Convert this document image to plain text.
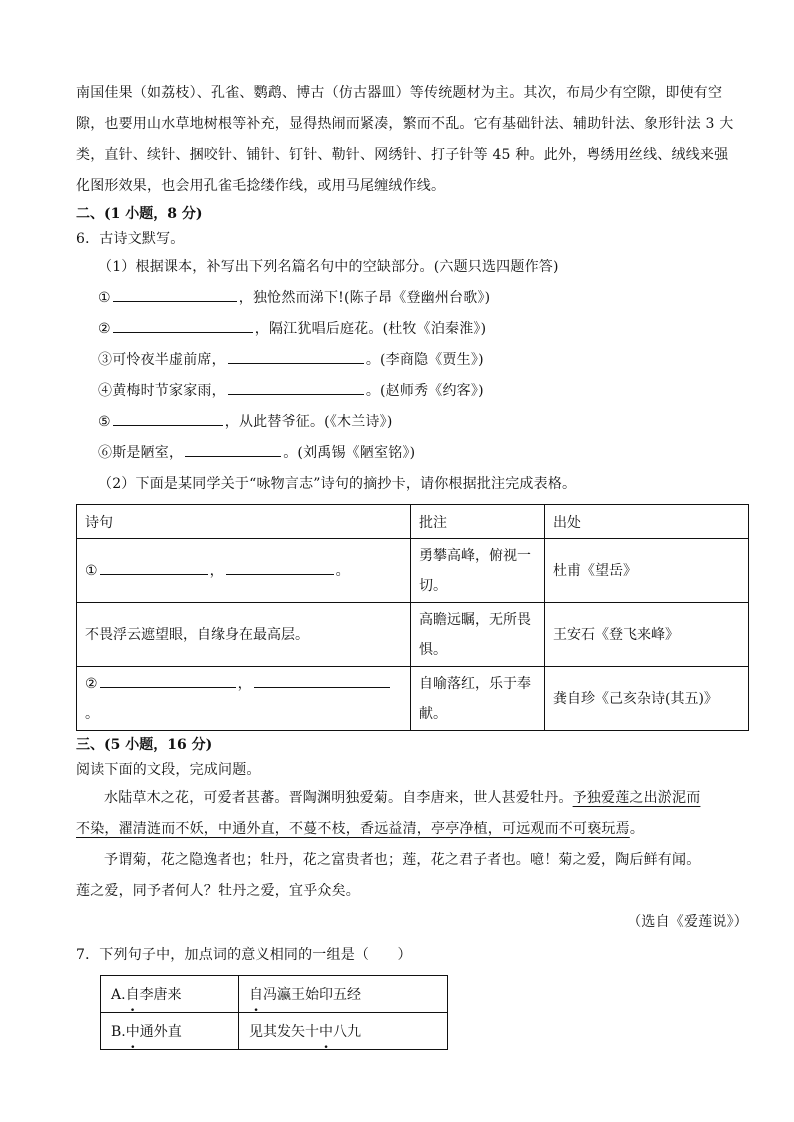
南国佳果（如荔枝）、孔雀、鹦鹉、博古（仿古器皿）等传统题材为主。其次，布局少有空隙，即使有空
隙，也要用山水草地树根等补充，显得热闹而紧凑，繁而不乱。它有基础针法、辅助针法、象形针法 3 大
类，直针、续针、捆咬针、铺针、钉针、勒针、网绣针、打子针等 45 种。此外，粤绣用丝线、绒线来强
化图形效果，也会用孔雀毛捻缕作线，或用马尾缠绒作线。
二、(1 小题，8 分)
6．古诗文默写。
（1）根据课本，补写出下列名篇名句中的空缺部分。(六题只选四题作答)
①	，独怆然而涕下!(陈子昂《登幽州台歌》)
②	，隔江犹唱后庭花。(杜牧《泊秦淮》)
③可怜夜半虚前席，	。(李商隐《贾生》)
④黄梅时节家家雨，	。(赵师秀《约客》)
⑤	，从此替爷征。(《木兰诗》)
⑥斯是陋室，	。(刘禹锡《陋室铭》)
（2）下面是某同学关于“咏物言志”诗句的摘抄卡，请你根据批注完成表格。
诗句	批注	出处
① ， 。	勇攀高峰，俯视一切。	杜甫《望岳》
不畏浮云遮望眼，自缘身在最高层。	高瞻远瞩，无所畏惧。	王安石《登飞来峰》
② ，。	自喻落红，乐于奉献。	龚自珍《己亥杂诗(其五)》
三、(5 小题，16 分)
阅读下面的文段，完成问题。
水陆草木之花，可爱者甚蕃。晋陶渊明独爱菊。自李唐来，世人甚爱牡丹。予独爱莲之出淤泥而
不染，濯清涟而不妖，中通外直，不蔓不枝，香远益清，亭亭净植，可远观而不可亵玩焉。
予谓菊，花之隐逸者也；牡丹，花之富贵者也；莲，花之君子者也。噫！菊之爱，陶后鲜有闻。
莲之爱，同予者何人？牡丹之爱，宜乎众矣。
（选自《爱莲说》）
7．下列句子中，加点词的意义相同的一组是（　　）
A.自李唐来	自冯瀛王始印五经
B.中通外直	见其发矢十中八九
